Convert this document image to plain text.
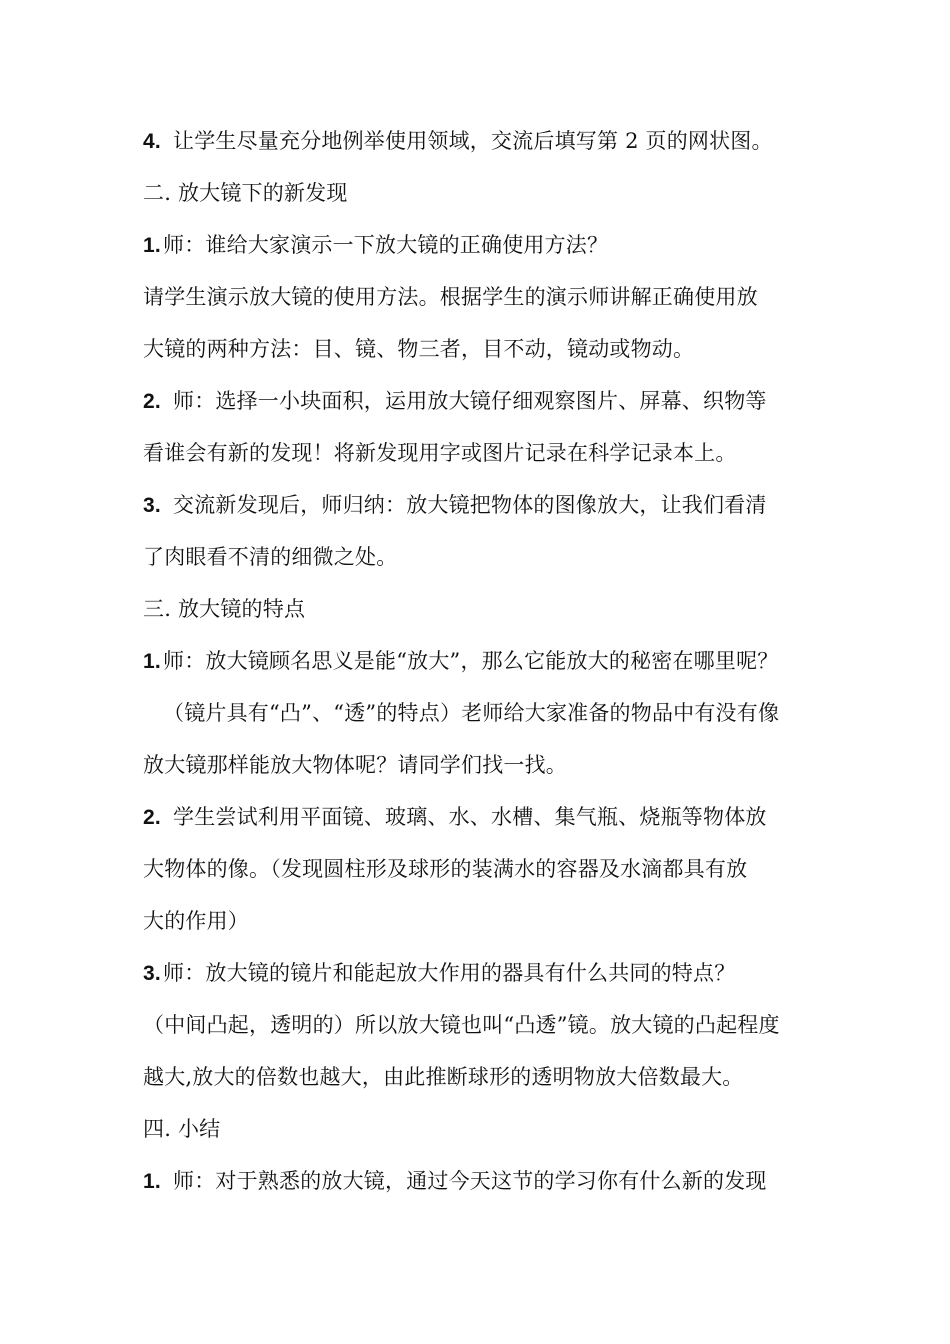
4. 让学生尽量充分地例举使用领域，交流后填写第 2 页的网状图。
二. 放大镜下的新发现
1.师：谁给大家演示一下放大镜的正确使用方法？
请学生演示放大镜的使用方法。根据学生的演示师讲解正确使用放
大镜的两种方法：目、镜、物三者，目不动，镜动或物动。
2. 师：选择一小块面积，运用放大镜仔细观察图片、屏幕、织物等
看谁会有新的发现！将新发现用字或图片记录在科学记录本上。
3. 交流新发现后，师归纳：放大镜把物体的图像放大，让我们看清
了肉眼看不清的细微之处。
三. 放大镜的特点
1.师：放大镜顾名思义是能“放大”，那么它能放大的秘密在哪里呢？
（镜片具有“凸”、“透”的特点）老师给大家准备的物品中有没有像
放大镜那样能放大物体呢？请同学们找一找。
2. 学生尝试利用平面镜、玻璃、水、水槽、集气瓶、烧瓶等物体放
大物体的像。（发现圆柱形及球形的装满水的容器及水滴都具有放
大的作用）
3.师：放大镜的镜片和能起放大作用的器具有什么共同的特点？
（中间凸起，透明的）所以放大镜也叫“凸透”镜。放大镜的凸起程度
越大,放大的倍数也越大，由此推断球形的透明物放大倍数最大。
四. 小结
1. 师：对于熟悉的放大镜，通过今天这节的学习你有什么新的发现
